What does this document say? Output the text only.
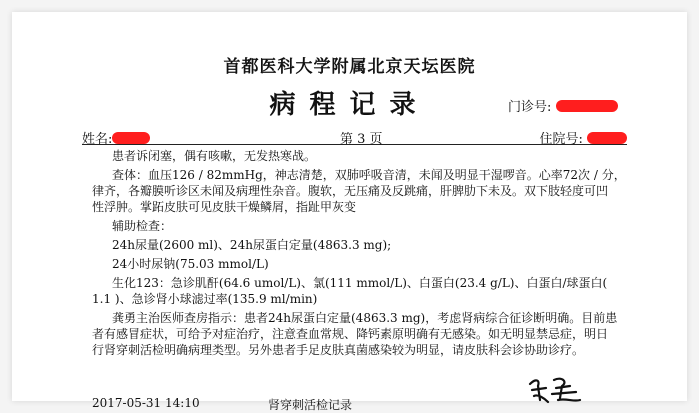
首都医科大学附属北京天坛医院
病程记录	门诊号:
姓名:	第 3 页	住院号:

患者诉闭塞，偶有咳嗽，无发热寒战。

查体：血压126 / 82mmHg，神志清楚，双肺呼吸音清，未闻及明显干湿啰音。心率72次 / 分，

律齐，各瓣膜听诊区未闻及病理性杂音。腹软，无压痛及反跳痛，肝脾肋下未及。双下肢轻度可凹

性浮肿。掌跖皮肤可见皮肤干燥鳞屑，指趾甲灰变

辅助检查：

24h尿量(2600 ml)、24h尿蛋白定量(4863.3 mg);

24小时尿钠(75.03 mmol/L)

生化123：急诊肌酐(64.6 umol/L)、氯(111 mmol/L)、白蛋白(23.4 g/L)、白蛋白/球蛋白(

1.1 )、急诊肾小球滤过率(135.9 ml/min)

龚勇主治医师查房指示：患者24h尿蛋白定量(4863.3 mg)，考虑肾病综合征诊断明确。目前患

者有感冒症状，可给予对症治疗，注意查血常规、降钙素原明确有无感染。如无明显禁忌症，明日

行肾穿刺活检明确病理类型。另外患者手足皮肤真菌感染较为明显，请皮肤科会诊协助诊疗。

2017-05-31 14:10	肾穿刺活检记录
